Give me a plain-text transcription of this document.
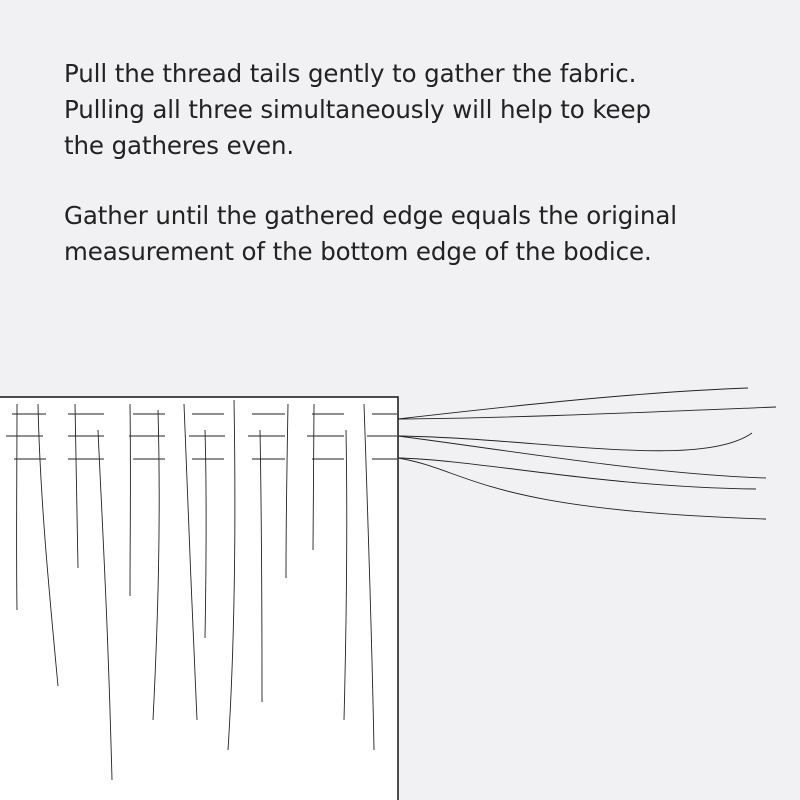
Pull the thread tails gently to gather the fabric.
Pulling all three simultaneously will help to keep
the gatheres even.

Gather until the gathered edge equals the original
measurement of the bottom edge of the bodice.
